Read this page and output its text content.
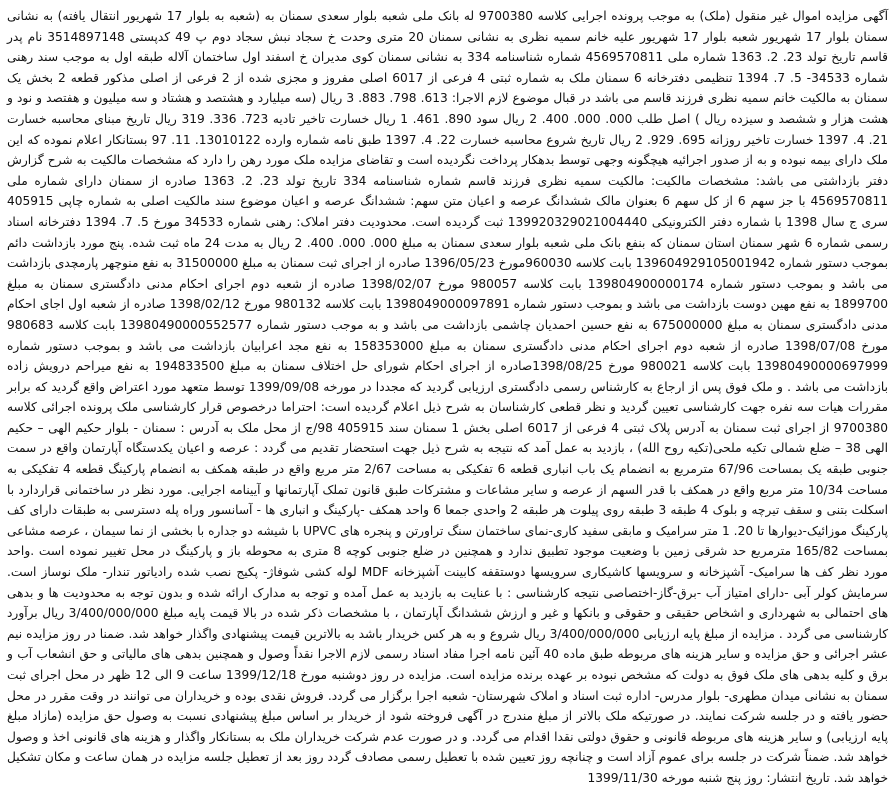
آگهی مزایده اموال غیر منقول (ملک) به موجب پرونده اجرایی کلاسه 9700380 له بانک ملی شعبه بلوار سعدی سمنان به (شعبه به بلوار 17 شهریور انتقال یافته) به نشانی سمنان بلوار 17 شهریور شعبه بلوار 17 شهریور علیه خانم سمیه نظری به نشانی سمنان 20 متری وحدت خ سجاد نبش سجاد دوم پ 49 کدپستی 3514897148 نام پدر قاسم تاریخ تولد 23. 2. 1363 شماره ملی 4569570811 شماره شناسنامه 334 به نشانی سمنان کوی مدیران خ اسفند اول ساختمان آلاله طبقه اول به موجب سند رهنی شماره 34533- 5. 7. 1394 تنظیمی دفترخانه 6 سمنان ملک به شماره ثبتی 4 فرعی از 6017 اصلی مفروز و مجزی شده از 2 فرعی از اصلی مذکور قطعه 2 بخش یک سمنان به مالکیت خانم سمیه نظری فرزند قاسم می باشد در قبال موضوع لازم الاجرا: 613. 798. 883. 3 ریال (سه میلیارد و هشتصد و هشتاد و سه میلیون و هفتصد و نود و هشت هزار و ششصد و سیزده ریال ) اصل طلب 000. 000. 400. 2 ریال سود 890. 461. 1 ریال خسارت تاخیر تادیه 723. 336. 319 ریال تاریخ مبنای محاسبه خسارت 21. 4. 1397 خسارت تاخیر روزانه 695. 929. 2 ریال تاریخ شروع محاسبه خسارت 22. 4. 1397 طبق نامه شماره وارده 13010122. 11. 97 بستانکار اعلام نموده که این ملک دارای بیمه نبوده و به از صدور اجرائیه هیچگونه وجهی توسط بدهکار پرداخت نگردیده است و تقاضای مزایده ملک مورد رهن را دارد که مشخصات مالکیت به شرح گزارش دفتر بازداشتی می باشد: مشخصات مالکیت: مالکیت سمیه نظری فرزند قاسم شماره شناسنامه 334 تاریخ تولد 23. 2. 1363 صادره از سمنان دارای شماره ملی 4569570811 با جز سهم 6 از کل سهم 6 بعنوان مالک ششدانگ عرصه و اعیان متن سهم: ششدانگ عرصه و اعیان موضوع سند مالکیت اصلی به شماره چاپی 405915 سری ج سال 1398 با شماره دفتر الکترونیکی 139920329021004440 ثبت گردیده است. محدودیت دفتر املاک: رهنی شماره 34533 مورخ 5. 7. 1394 دفترخانه اسناد رسمی شماره 6 شهر سمنان استان سمنان که بنفع بانک ملی شعبه بلوار سعدی سمنان به مبلغ 000. 000. 400. 2 ریال به مدت 24 ماه ثبت شده. پنج مورد بازداشت دائم بموجب دستور شماره 139604929105001942 بابت کلاسه 960030مورخ 1396/05/23 صادره از اجرای ثبت سمنان به مبلغ 31500000 به نفع منوچهر پارمچدی بازداشت می باشد و بموجب دستور شماره 139804900000174 بابت کلاسه 980057 مورخ 1398/02/07 صادره از شعبه دوم اجرای احکام مدنی دادگستری سمنان به مبلغ 1899700 به نفع مهین دوست بازداشت می باشد و بموجب دستور شماره 1398049000097891 بابت کلاسه 980132 مورخ 1398/02/12 صادره از شعبه اول اجای احکام مدنی دادگستری سمنان به مبلغ 675000000 به نفع حسین احمدیان چاشمی بازداشت می باشد و به موجب دستور شماره 13980490000552577 بابت کلاسه 980683 مورخ 1398/07/08 صادره از شعبه دوم اجرای احکام مدنی دادگستری سمنان به مبلغ 158353000 به نفع مجد اعرابیان بازداشت می باشد و بموجب دستور شماره 13980490000697999 بابت کلاسه 980021 مورخ 1398/08/25صادره از اجرای احکام شورای حل اختلاف سمنان به مبلغ 194833500 به نفع میراحم درویش زاده بازداشت می باشد . و ملک فوق پس از ارجاع به کارشناس رسمی دادگستری ارزیابی گردید که مجددا در مورخه 1399/09/08 توسط متعهد مورد اعتراض واقع گردید که برابر مقررات هیات سه نفره جهت کارشناسی تعیین گردید و نظر قطعی کارشناسان به شرح ذیل اعلام گردیده است: احتراما درخصوص قرار کارشناسی ملک پرونده اجرائی کلاسه 9700380 از اجرای ثبت سمنان به آدرس پلاک ثبتی 4 فرعی از 6017 اصلی بخش 1 سمنان سند 405915 98/ج از محل ملک به آدرس : سمنان - بلوار حکیم الهی – حکیم الهی 38 – ضلع شمالی تکیه ملحی(تکیه روح الله) ، بازدید به عمل آمد که نتیجه به شرح ذیل جهت استحضار تقدیم می گردد : عرصه و اعیان یکدستگاه آپارتمان واقع در سمت جنوبی طبقه یک بمساحت 67/96 مترمربع به انضمام یک باب انباری قطعه 6 تفکیکی به مساحت 2/67 متر مربع واقع در طبقه همکف به انضمام پارکینگ قطعه 4 تفکیکی به مساحت 10/34 متر مربع واقع در همکف با قدر السهم از عرصه و سایر مشاعات و مشترکات طبق قانون تملک آپارتمانها و آیینامه اجرایی. مورد نظر در ساختمانی قراردارد با اسکلت بتنی و سقف تیرچه و بلوک 4 طبقه 3 طبقه روی پیلوت هر طبقه 2 واحدی جمعا 6 واحد همکف -پارکینگ و انباری ها - آسانسور وراه پله دسترسی به طبقات دارای کف پارکینگ موزائیک-دیوارها تا 20. 1 متر سرامیک و مابقی سفید کاری-نمای ساختمان سنگ تراورتن و پنجره های UPVC با شیشه دو جداره با بخشی از نما سیمان ، عرصه مشاعی بمساحت 165/82 مترمربع حد شرقی زمین با وضعیت موجود تطبیق ندارد و همچنین در ضلع جنوبی کوچه 8 متری به محوطه باز و پارکینگ در محل تغییر نموده است .واحد مورد نظر کف ها سرامیک- آشپزخانه و سرویسها کاشیکاری سرویسها دوستقفه کابینت آشپزخانه MDF لوله کشی شوفاژ- پکیج نصب شده رادیاتور تندار- ملک نوساز است. سرمایش کولر آبی -دارای امتیاز آب -برق-گاز-اختصاصی نتیجه کارشناسی : با عنایت به بازدید به عمل آمده و توجه به مدارک ارائه شده و بدون توجه به محدودیت ها و بدهی های احتمالی به شهرداری و اشخاص حقیقی و حقوقی و بانکها و غیر و ارزش ششدانگ آپارتمان ، با مشخصات ذکر شده در بالا قیمت پایه مبلغ 3/400/000/000 ریال برآورد کارشناسی می گردد . مزایده از مبلغ پایه ارزیابی 3/400/000/000 ریال شروع و به هر کس خریدار باشد به بالاترین قیمت پیشنهادی واگذار خواهد شد. ضمنا در روز مزایده نیم عشر اجرائی و حق مزایده و سایر هزینه های مربوطه طبق ماده 40 آئین نامه اجرا مفاد اسناد رسمی لازم الاجرا نقداً وصول و همچنین بدهی های مالیاتی و حق انشعاب آب و برق و کلیه بدهی های ملک فوق به دولت که مشخص نبوده بر عهده برنده مزایده است. مزایده در روز دوشنبه مورخ 1399/12/18 ساعت 9 الی 12 ظهر در محل اجرای ثبت سمنان به نشانی میدان مطهری- بلوار مدرس- اداره ثبت اسناد و املاک شهرستان- شعبه اجرا برگزار می گردد. فروش نقدی بوده و خریداران می توانند در وقت مقرر در محل حضور یافته و در جلسه شرکت نمایند. در صورتیکه ملک بالاتر از مبلغ مندرج در آگهی فروخته شود از خریدار بر اساس مبلغ پیشنهادی نسبت به وصول حق مزایده (مازاد مبلغ پایه ارزیابی) و سایر هزینه های مربوطه قانونی و حقوق دولتی نقدا اقدام می گردد. و در صورت عدم شرکت خریداران ملک به بستانکار واگذار و هزینه های قانونی اخذ و وصول خواهد شد. ضمناً شرکت در جلسه برای عموم آزاد است و چنانچه روز تعیین شده با تعطیل رسمی مصادف گردد روز بعد از تعطیل جلسه مزایده در همان ساعت و مکان تشکیل خواهد شد. تاریخ انتشار: روز پنج شنبه مورخه 1399/11/30
